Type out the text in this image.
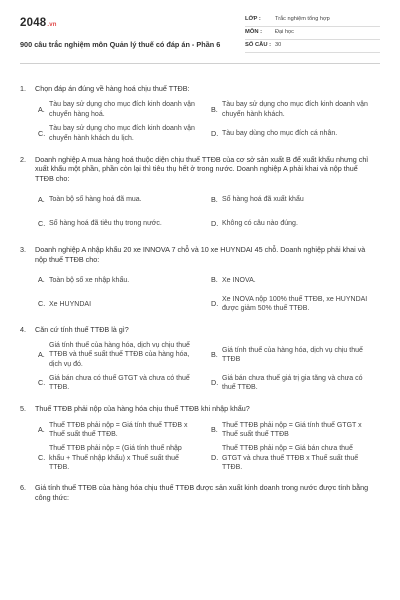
2048.vn
900 câu trắc nghiệm môn Quản lý thuế có đáp án - Phần 6
LỚP :	Trắc nghiệm tổng hợp
MÔN :	Đại học
SỐ CÂU : 30
1.	Chọn đáp án đúng về hàng hoá chịu thuế TTĐB:
A.
Tàu bay sử dụng cho mục đích kinh doanh vận chuyển hàng hoá.
B.
Tàu bay sử dụng cho mục đích kinh doanh vận chuyển hành khách.
C.
Tàu bay sử dụng cho mục đích kinh doanh vận chuyển hành khách du lịch.
D. Tàu bay dùng cho mục đích cá nhân.
2.	Doanh nghiệp A mua hàng hoá thuộc diện chịu thuế TTĐB của cơ sở sản xuất B để xuất khẩu nhưng chỉ xuất khẩu một phần, phần còn lại thì tiêu thụ hết ở trong nước. Doanh nghiệp A phải khai và nộp thuế TTĐB cho:
A. Toàn bộ số hàng hoá đã mua.	B. Số hàng hoá đã xuất khẩu
C. Số hàng hoá đã tiêu thụ trong nước.	D. Không có câu nào đúng.
3.	Doanh nghiệp A nhập khẩu 20 xe INNOVA 7 chỗ và 10 xe HUYNDAI 45 chỗ. Doanh nghiệp phải khai và nộp thuế TTĐB cho:
A. Toàn bộ số xe nhập khẩu.	B. Xe INOVA.
C. Xe HUYNDAI	D.
Xe INOVA nộp 100% thuế TTĐB, xe HUYNDAI được giảm 50% thuế TTĐB.
4.	Căn cứ tính thuế TTĐB là gì?
A.
Giá tính thuế của hàng hóa, dịch vụ chịu thuế TTĐB và thuế suất thuế TTĐB của hàng hóa, dịch vụ đó.
B.
Giá tính thuế của hàng hóa, dịch vụ chịu thuế TTĐB
C.
Giá bán chưa có thuế GTGT và chưa có thuế TTĐB.
D.
Giá bán chưa thuế giá trị gia tăng và chưa có thuế TTĐB.
5.	Thuế TTĐB phải nộp của hàng hóa chịu thuế TTĐB khi nhập khẩu?
A.
Thuế TTĐB phải nộp = Giá tính thuế TTĐB x Thuế suất thuế TTĐB.
B.
Thuế TTĐB phải nộp = Giá tính thuế GTGT x Thuế suất thuế TTĐB
C.
Thuế TTĐB phải nộp = (Giá tính thuế nhập khẩu + Thuế nhập khẩu) x Thuế suất thuế TTĐB.
D.
Thuế TTĐB phải nộp = Giá bán chưa thuế GTGT và chưa thuế TTĐB x Thuế suất thuế TTĐB.
6.	Giá tính thuế TTĐB của hàng hóa chịu thuế TTĐB được sản xuất kinh doanh trong nước được tính bằng công thức:
